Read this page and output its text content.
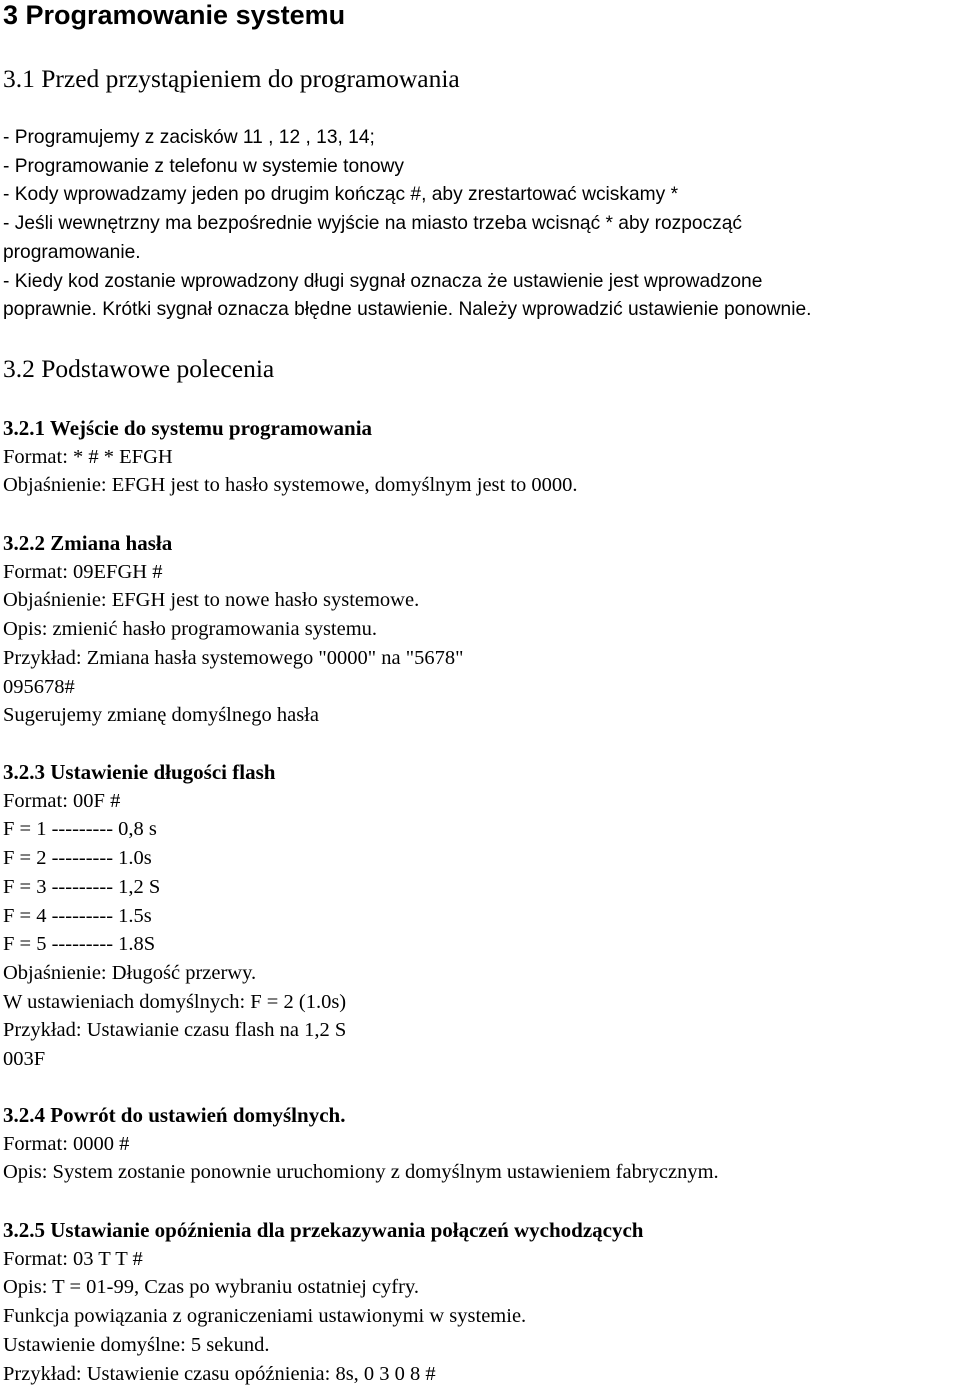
3 Programowanie systemu
3.1 Przed przystąpieniem do programowania
- Programujemy z zacisków 11 , 12 , 13, 14;
- Programowanie z telefonu w systemie tonowy
- Kody wprowadzamy jeden po drugim kończąc #, aby zrestartować wciskamy *
- Jeśli wewnętrzny ma bezpośrednie wyjście na miasto trzeba wcisnąć * aby rozpocząć
programowanie.
- Kiedy kod zostanie wprowadzony długi sygnał oznacza że ustawienie jest wprowadzone
poprawnie. Krótki sygnał oznacza błędne ustawienie. Należy wprowadzić ustawienie ponownie.
3.2 Podstawowe polecenia
3.2.1 Wejście do systemu programowania
Format: * # * EFGH
Objaśnienie: EFGH jest to hasło systemowe, domyślnym jest to 0000.
3.2.2 Zmiana hasła
Format: 09EFGH #
Objaśnienie: EFGH jest to nowe hasło systemowe.
Opis: zmienić hasło programowania systemu.
Przykład: Zmiana hasła systemowego "0000" na "5678"
095678#
Sugerujemy zmianę domyślnego hasła
3.2.3 Ustawienie długości flash
Format: 00F #
F = 1 --------- 0,8 s
F = 2 --------- 1.0s
F = 3 --------- 1,2 S
F = 4 --------- 1.5s
F = 5 --------- 1.8S
Objaśnienie: Długość przerwy.
W ustawieniach domyślnych: F = 2 (1.0s)
Przykład: Ustawianie czasu flash na 1,2 S
003F
3.2.4 Powrót do ustawień domyślnych.
Format: 0000 #
Opis: System zostanie ponownie uruchomiony z domyślnym ustawieniem fabrycznym.
3.2.5 Ustawianie opóźnienia dla przekazywania połączeń wychodzących
Format: 03 T T #
Opis: T = 01-99, Czas po wybraniu ostatniej cyfry.
Funkcja powiązania z ograniczeniami ustawionymi w systemie.
Ustawienie domyślne: 5 sekund.
Przykład: Ustawienie czasu opóźnienia: 8s, 0 3 0 8 #
